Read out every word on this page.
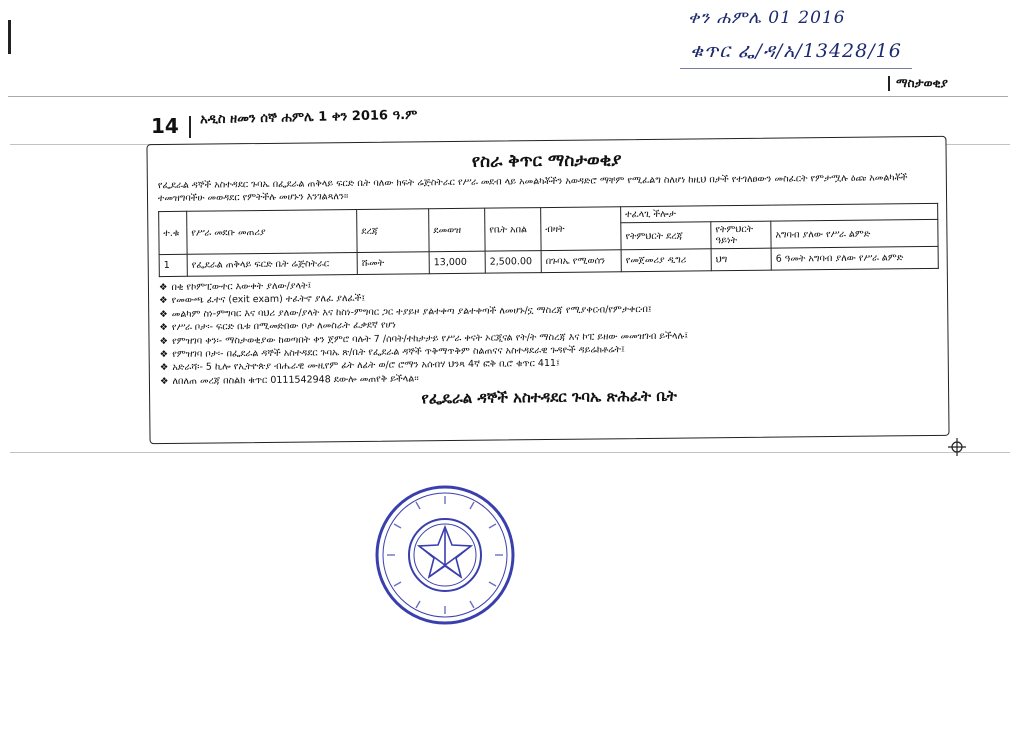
ቀን ሐምሌ 01 2016
ቁጥር ፌ/ዳ/አ/13428/16
ማስታወቂያ
14 አዲስ ዘመን ሰኞ ሐምሌ 1 ቀን 2016 ዓ.ም
የስራ ቅጥር ማስታወቂያ
የፌደራል ዳኞች አስተዳደር ጉባኤ በፌደራል ጠቅላይ ፍርድ ቤት ባለው ክፍት ሬጅስትራር የሥራ መደብ ላይ አመልካቾችን አወዳድሮ ማቸም የሚፈልግ ስለሆነ ከዚህ በታች የተገለፀውን መስፈርት የምታሟሉ ዕጩ አመልካቾች ተመዝግባችሁ መወዳደር የምትችሉ መሆኑን እንገልጻለን፡፡
ተ.ቁ	የሥራ መደቡ መጠሪያ	ደረጃ	ደመወዝ	የቤት አበል	ብዛት	ተፈላጊ ችሎታ		
						የትምህርት ደረጃ	የትምህርት ዓይነት	አግባብ ያለው የሥራ ልምድ
1	የፌደራል ጠቅላይ ፍርድ ቤት ሬጅስትራር	ሹመት	13,000	2,500.00	በጉባኤ የሚወሰን	የመጀመሪያ ዲግሪ	ህግ	6 ዓመት አግባብ ያለው የሥራ ልምድ
❖ በቂ የኮምፒውተር እውቀት ያለው/ያላት፤
❖ የመውጫ ፈተና (exit exam) ተፈትኖ ያለፈ ያለፈች፤
❖ መልካም ስነ-ምግባር እና ባህሪ ያለው/ያላት እና ከስነ-ምግባር ጋር ተያይዞ ያልተቀጣ ያልተቀጣች ለመሆኑ/ኗ ማስረጃ የሚያቀርብ/የምታቀርብ፤
❖ የሥራ ቦታ፡- ፍርድ ቤቱ በሚመድበው ቦታ ለመስራት ፈቃደኛ የሆነ
❖ የምዝገባ ቀን፡- ማስታወቂያው ከወጣበት ቀን ጀምሮ ባሉት 7 /ሰባት/ተከታታይ የሥራ ቀናት ኦርጂናል የት/ት ማስረጃ እና ኮፒ ይዘው መመዝገብ ይችላሉ፤
❖ የምዝገባ ቦታ፡- በፌደራል ዳኞች አስተዳደር ጉባኤ ጽ/ቤት የፌደራል ዳኞች ጥቅማጥቅም ስልጠናና አስተዳደራዊ ጉዳዮች ዳይሬክቶሬት፤
❖ አድራሻ፡- 5 ኪሎ የኢትዮጵያ ብሔራዊ ሙዚየም ፊት ለፊት ወ/ሮ ሮማን አሰብሃ ህንጻ 4ኛ ፎቅ ቢሮ ቁጥር 411፤
❖ ለበለጠ መረጃ በስልክ ቁጥር 0111542948 ደውሎ መጠየቅ ይችላል፡፡
የፌዴራል ዳኞች አስተዳደር ጉባኤ ጽሕፈት ቤት
